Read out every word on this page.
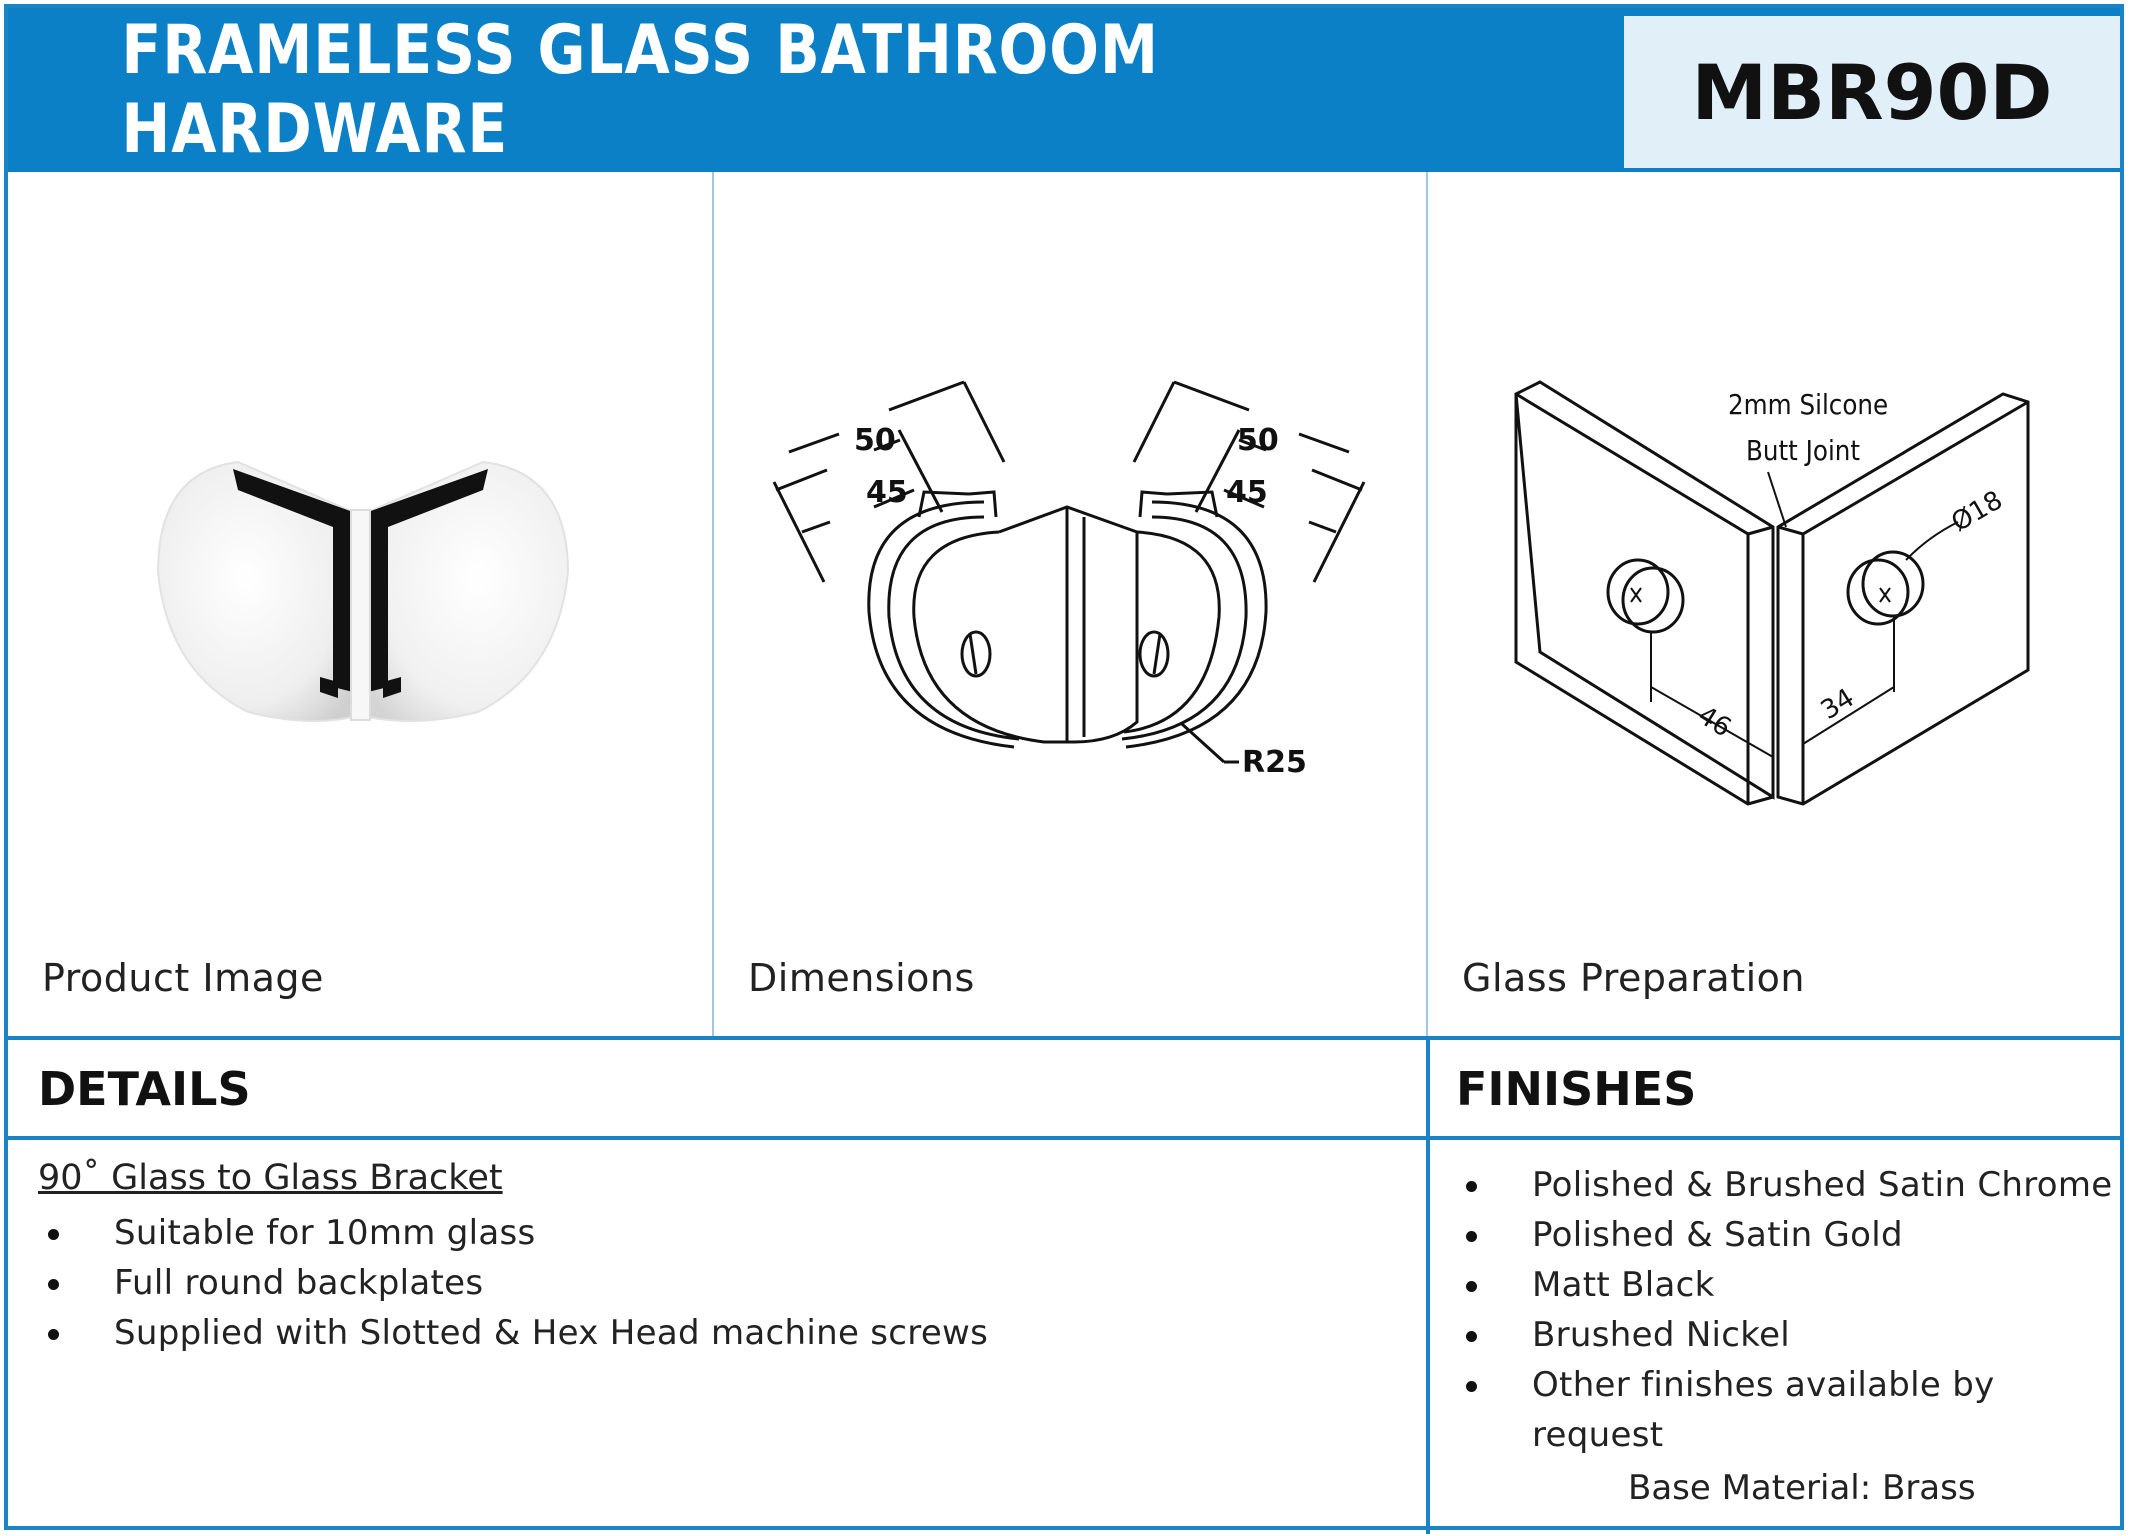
FRAMELESS GLASS BATHROOM HARDWARE	MBR90D
Product Image
50
45
50
45
R25
Dimensions
2mm Silcone
Butt Joint
Ø18
46	34
Glass Preparation
DETAILS	FINISHES
90˚ Glass to Glass Bracket
Suitable for 10mm glass
Full round backplates
Supplied with Slotted & Hex Head machine screws
Polished & Brushed Satin Chrome
Polished & Satin Gold
Matt Black
Brushed Nickel
Other finishes available by request
Base Material: Brass
